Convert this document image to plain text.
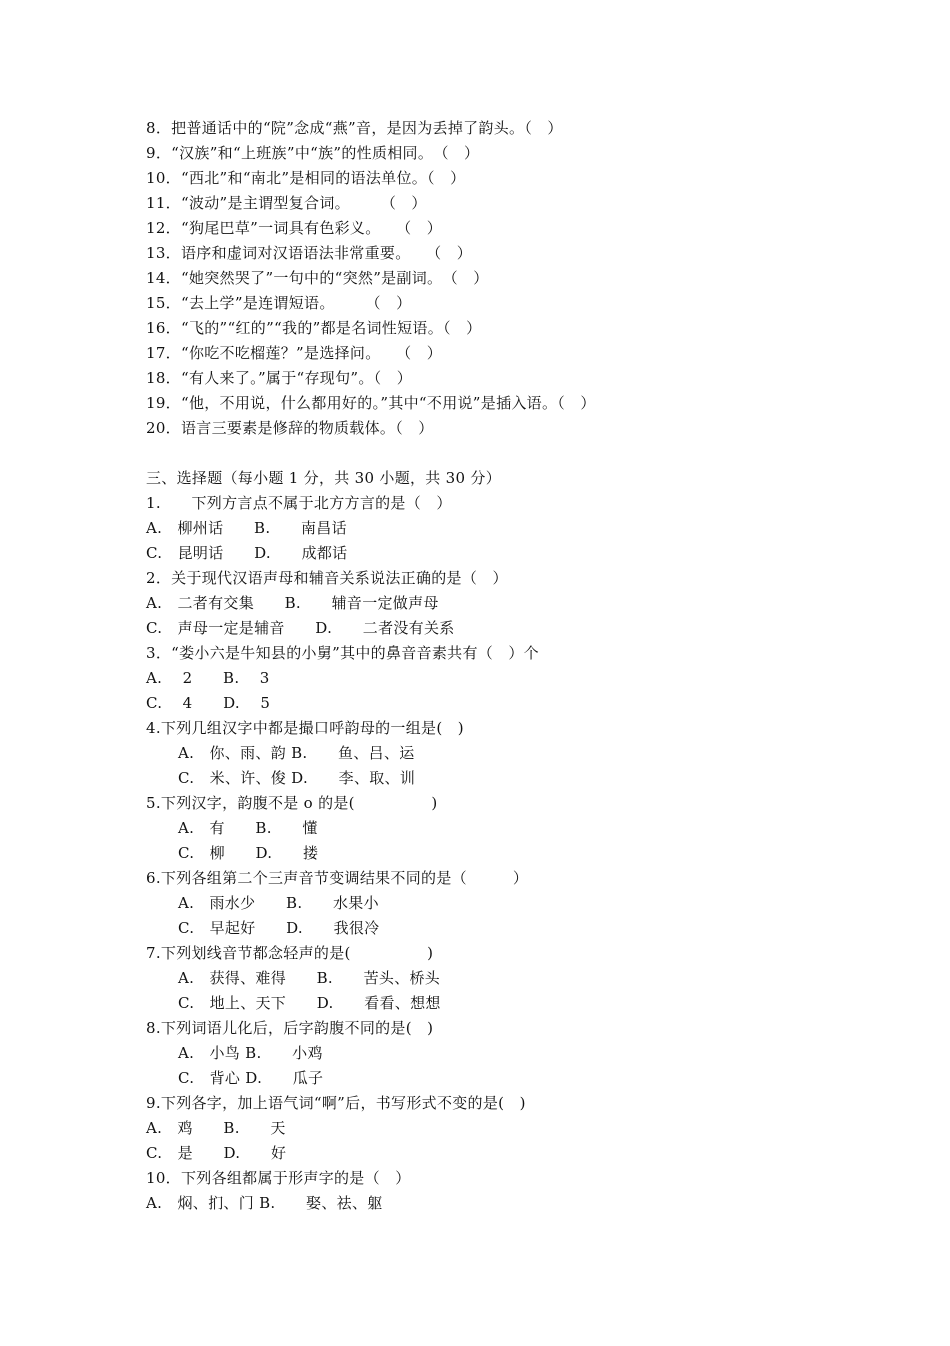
8．把普通话中的“院”念成“燕”音，是因为丢掉了韵头。（　）
9．“汉族”和“上班族”中“族”的性质相同。　（　）
10．“西北”和“南北”是相同的语法单位。（　）
11．“波动”是主谓型复合词。　　　（　）
12．“狗尾巴草”一词具有色彩义。　　（　）
13．语序和虚词对汉语语法非常重要。　　（　）
14．“她突然哭了”一句中的“突然”是副词。　（　）
15．“去上学”是连谓短语。　　　（　）
16．“飞的”“红的”“我的”都是名词性短语。（　）
17．“你吃不吃榴莲？”是选择问。　　（　）
18．“有人来了。”属于“存现句”。（　）
19．“他，不用说，什么都用好的。”其中“不用说”是插入语。（　）
20．语言三要素是修辞的物质载体。（　）
三、选择题（每小题 1 分，共 30 小题，共 30 分）
1.　　下列方言点不属于北方方言的是（　）
A.　柳州话　　B.　　南昌话
C.　昆明话　　D.　　成都话
2．关于现代汉语声母和辅音关系说法正确的是（　）
A.　二者有交集　　B.　　辅音一定做声母
C.　声母一定是辅音　　D.　　二者没有关系
3．“娄小六是牛知县的小舅”其中的鼻音音素共有（　）个
A.　 2　　B.　 3
C.　 4　　D.　 5
4.下列几组汉字中都是撮口呼韵母的一组是(　)
A.　你、雨、韵 B.　　鱼、吕、运
C.　米、许、俊 D.　　李、取、训
5.下列汉字，韵腹不是 o 的是(　　　　　)
A.　有　　B.　　懂
C.　柳　　D.　　搂
6.下列各组第二个三声音节变调结果不同的是（　　　）
A.　雨水少　　B.　　水果小
C.　早起好　　D.　　我很冷
7.下列划线音节都念轻声的是(　　　　　)
A.　获得、难得　　B.　　苦头、桥头
C.　地上、天下　　D.　　看看、想想
8.下列词语儿化后，后字韵腹不同的是(　)
A.　小鸟 B.　　小鸡
C.　背心 D.　　瓜子
9.下列各字，加上语气词“啊”后，书写形式不变的是(　)
A.　鸡　　B.　　天
C.　是　　D.　　好
10．下列各组都属于形声字的是（　）
A.　焖、扪、门 B.　　娶、祛、躯
